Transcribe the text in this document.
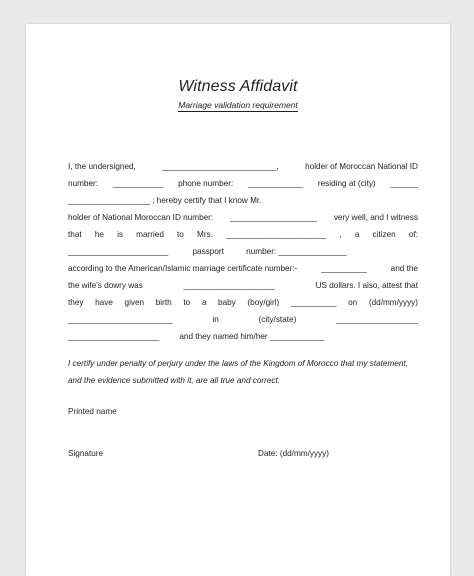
Witness Affidavit
Marriage validation requirement
I, the undersigned,	_________________________,	holder of Moroccan National ID
number: ___________ phone number: ____________ residing at (city) ______
__________________ ; hereby certify that I know Mr.
holder of National Moroccan ID number: ___________________ very well, and I witness
that he is married to Mrs. ______________________ , a citizen of:
______________________	passport	number: _______________
according to the American/Islamic marriage certificate number:-	__________	and the
the wife's dowry was	____________________	US dollars. I also, attest that
they have given birth to a baby (boy/girl) __________ on (dd/mm/yyyy)
_______________________	in	(city/state)	__________________
____________________ and they named him/her ____________
I certify under penalty of perjury under the laws of the Kingdom of Morocco that my statement,
and the evidence submitted with it, are all true and correct.
Printed name
Signature	Date: (dd/mm/yyyy)
